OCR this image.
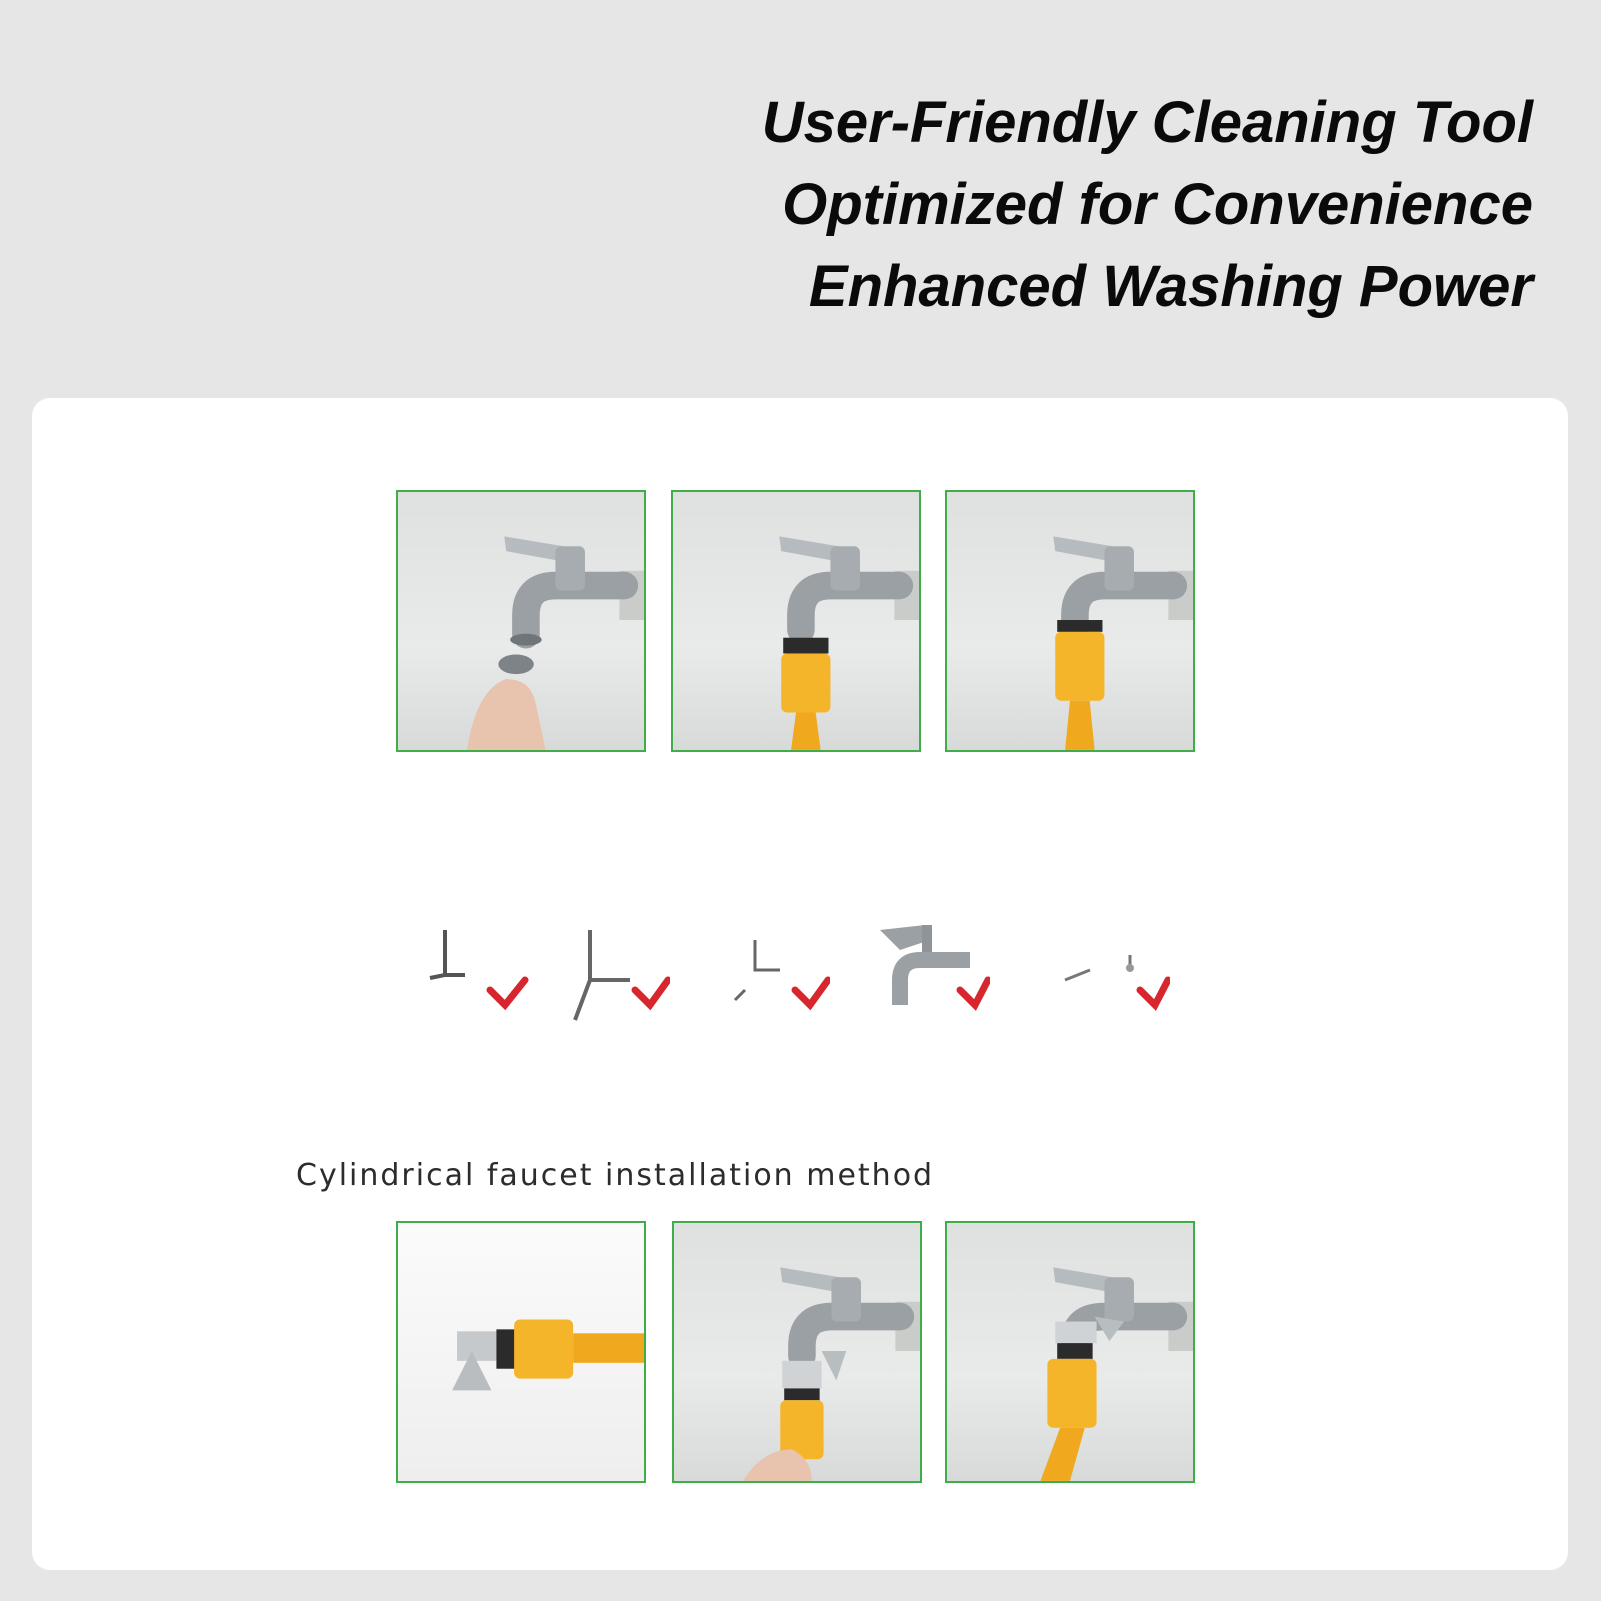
User-Friendly Cleaning Tool
Optimized for Convenience
Enhanced Washing Power
Cylindrical faucet installation method
